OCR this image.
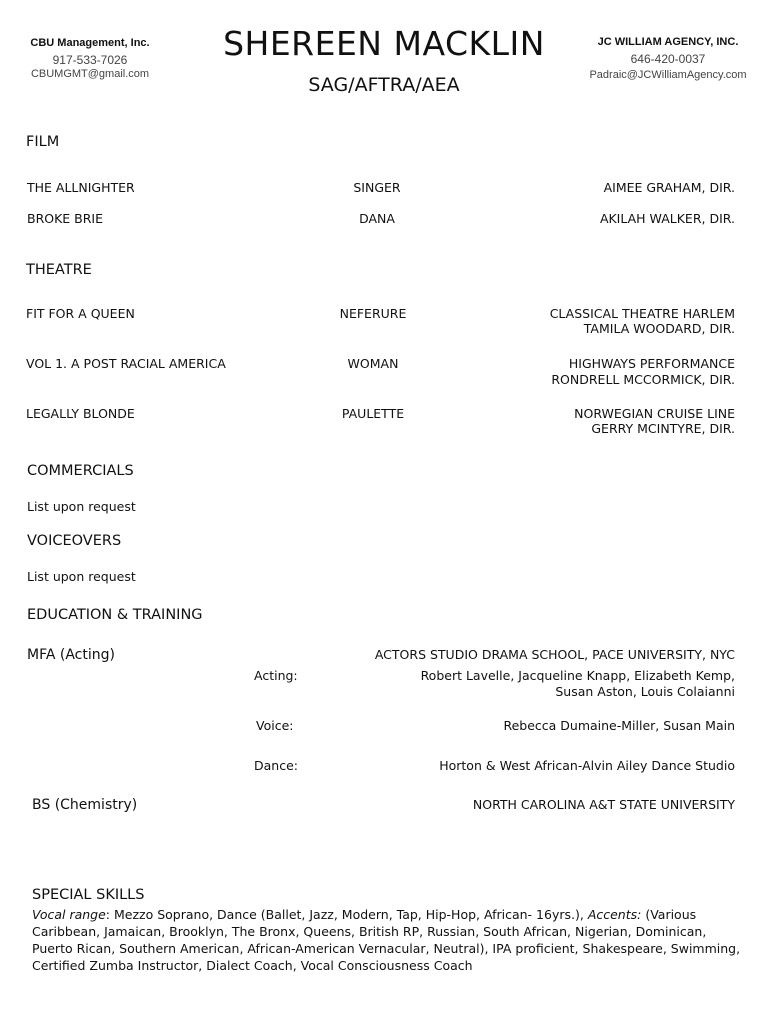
CBU Management, Inc.
917-533-7026
CBUMGMT@gmail.com
SHEREEN MACKLIN
SAG/AFTRA/AEA
JC WILLIAM AGENCY, INC.
646-420-0037
Padraic@JCWilliamAgency.com
FILM
THE ALLNIGHTER	SINGER	AIMEE GRAHAM, DIR.
BROKE BRIE	DANA	AKILAH WALKER, DIR.
THEATRE
FIT FOR A QUEEN	NEFERURE	CLASSICAL THEATRE HARLEM
TAMILA WOODARD, DIR.
VOL 1. A POST RACIAL AMERICA	WOMAN	HIGHWAYS PERFORMANCE
RONDRELL MCCORMICK, DIR.
LEGALLY BLONDE	PAULETTE	NORWEGIAN CRUISE LINE
GERRY MCINTYRE, DIR.
COMMERCIALS
List upon request
VOICEOVERS
List upon request
EDUCATION & TRAINING
MFA (Acting)	ACTORS STUDIO DRAMA SCHOOL, PACE UNIVERSITY, NYC
Acting:	Robert Lavelle, Jacqueline Knapp, Elizabeth Kemp,
Susan Aston, Louis Colaianni
Voice:	Rebecca Dumaine-Miller, Susan Main
Dance:	Horton & West African-Alvin Ailey Dance Studio
BS (Chemistry)	NORTH CAROLINA A&T STATE UNIVERSITY
SPECIAL SKILLS
Vocal range: Mezzo Soprano, Dance (Ballet, Jazz, Modern, Tap, Hip-Hop, African- 16yrs.), Accents: (Various Caribbean, Jamaican, Brooklyn, The Bronx, Queens, British RP, Russian, South African, Nigerian, Dominican, Puerto Rican, Southern American, African-American Vernacular, Neutral), IPA proficient, Shakespeare, Swimming, Certified Zumba Instructor, Dialect Coach, Vocal Consciousness Coach
